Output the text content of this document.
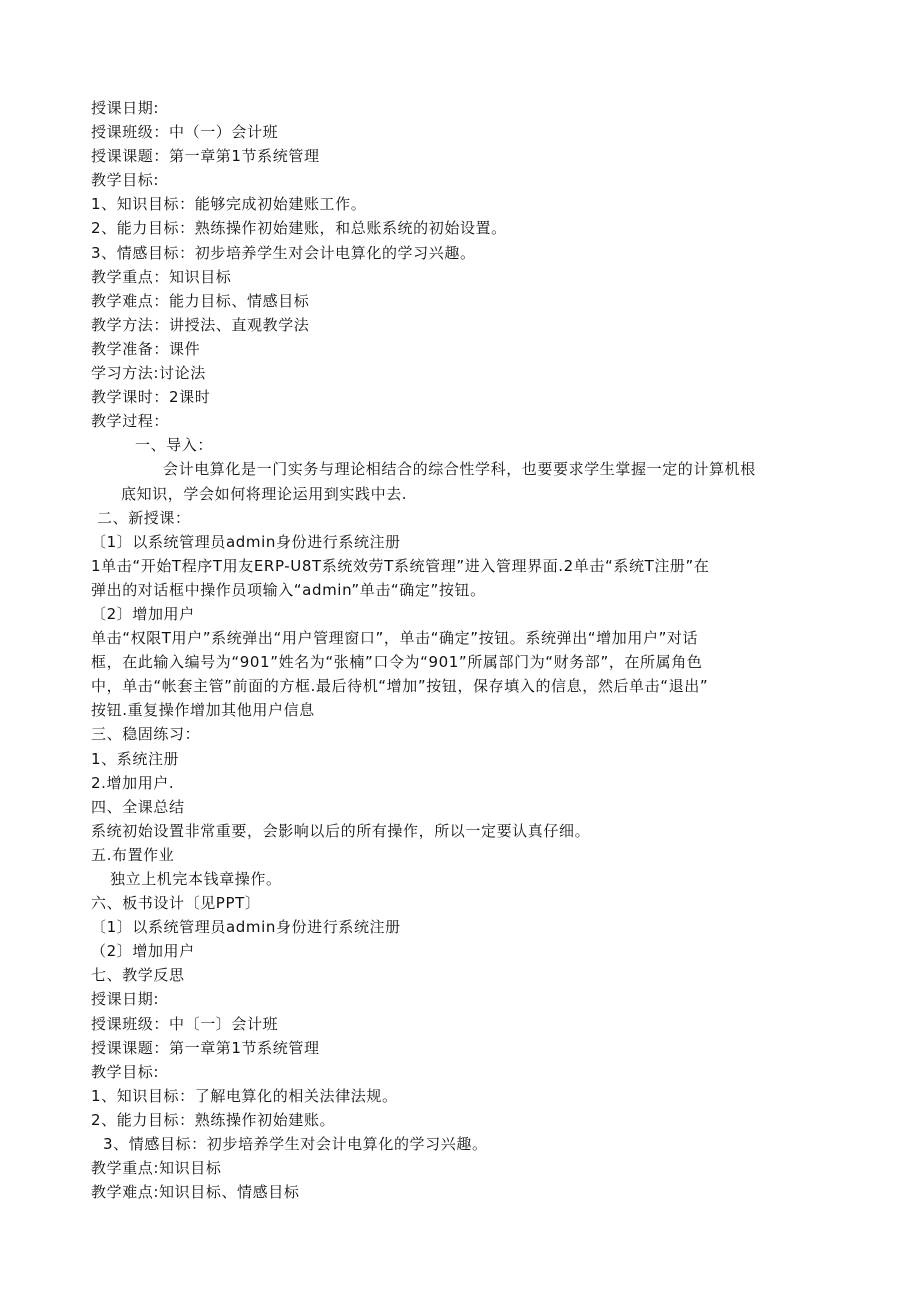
授课日期:
授课班级：中（一）会计班
授课课题：第一章第1节系统管理
教学目标:
1、知识目标：能够完成初始建账工作。
2、能力目标：熟练操作初始建账，和总账系统的初始设置。
3、情感目标：初步培养学生对会计电算化的学习兴趣。
教学重点：知识目标
教学难点：能力目标、情感目标
教学方法：讲授法、直观教学法
教学准备：课件
学习方法:讨论法
教学课时：2课时
教学过程：
一、导入：
会计电算化是一门实务与理论相结合的综合性学科，也要要求学生掌握一定的计算机根
底知识，学会如何将理论运用到实践中去.
二、新授课：
〔1〕以系统管理员admin身份进行系统注册
1单击“开始T程序T用友ERP-U8T系统效劳T系统管理”进入管理界面.2单击“系统T注册”在
弹出的对话框中操作员项输入“admin”单击“确定”按钮。
〔2〕增加用户
单击“权限T用户”系统弹出“用户管理窗口”，单击“确定”按钮。系统弹出“增加用户”对话
框，在此输入编号为“901”姓名为“张楠”口令为“901”所属部门为“财务部”，在所属角色
中，单击“帐套主管”前面的方框.最后待机“增加”按钮，保存填入的信息，然后单击“退出”
按钮.重复操作增加其他用户信息
三、稳固练习：
1、系统注册
2.增加用户.
四、全课总结
系统初始设置非常重要，会影响以后的所有操作，所以一定要认真仔细。
五.布置作业
独立上机完本钱章操作。
六、板书设计〔见PPT〕
〔1〕以系统管理员admin身份进行系统注册
（2〕增加用户
七、教学反思
授课日期:
授课班级：中〔一〕会计班
授课课题：第一章第1节系统管理
教学目标:
1、知识目标：了解电算化的相关法律法规。
2、能力目标：熟练操作初始建账。
3、情感目标：初步培养学生对会计电算化的学习兴趣。
教学重点:知识目标
教学难点:知识目标、情感目标
